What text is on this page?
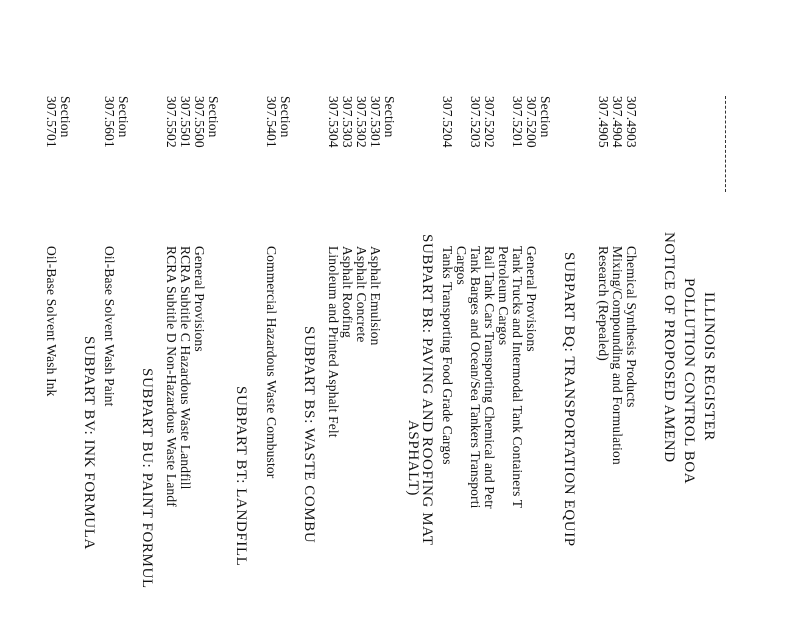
ILLINOIS REGISTER
POLLUTION CONTROL BOA
NOTICE OF PROPOSED AMEND
307.4903
Chemical Synthesis Products
307.4904
Mixing/Compounding and Formulation
307.4905
Research (Repealed)
SUBPART BQ: TRANSPORTATION EQUIP
Section
307.5200
General Provisions
307.5201
Tank Trucks and Intermodal Tank Containers T
Petroleum Cargos
307.5202
Rail Tank Cars Transporting Chemical and Petr
307.5203
Tank Barges and Ocean/Sea Tankers Transporti
Cargos
307.5204
Tanks Transporting Food Grade Cargos
SUBPART BR: PAVING AND ROOFING MAT
ASPHALT)
Section
307.5301
Asphalt Emulsion
307.5302
Asphalt Concrete
307.5303
Asphalt Roofing
307.5304
Linoleum and Printed Asphalt Felt
SUBPART BS: WASTE COMBU
Section
307.5401
Commercial Hazardous Waste Combustor
SUBPART BT: LANDFILL
Section
307.5500
General Provisions
307.5501
RCRA Subtitle C Hazardous Waste Landfill
307.5502
RCRA Subtitle D Non-Hazardous Waste Landf
SUBPART BU: PAINT FORMUL
Section
307.5601
Oil-Base Solvent Wash Paint
SUBPART BV: INK FORMULA
Section
307.5701
Oil-Base Solvent Wash Ink
